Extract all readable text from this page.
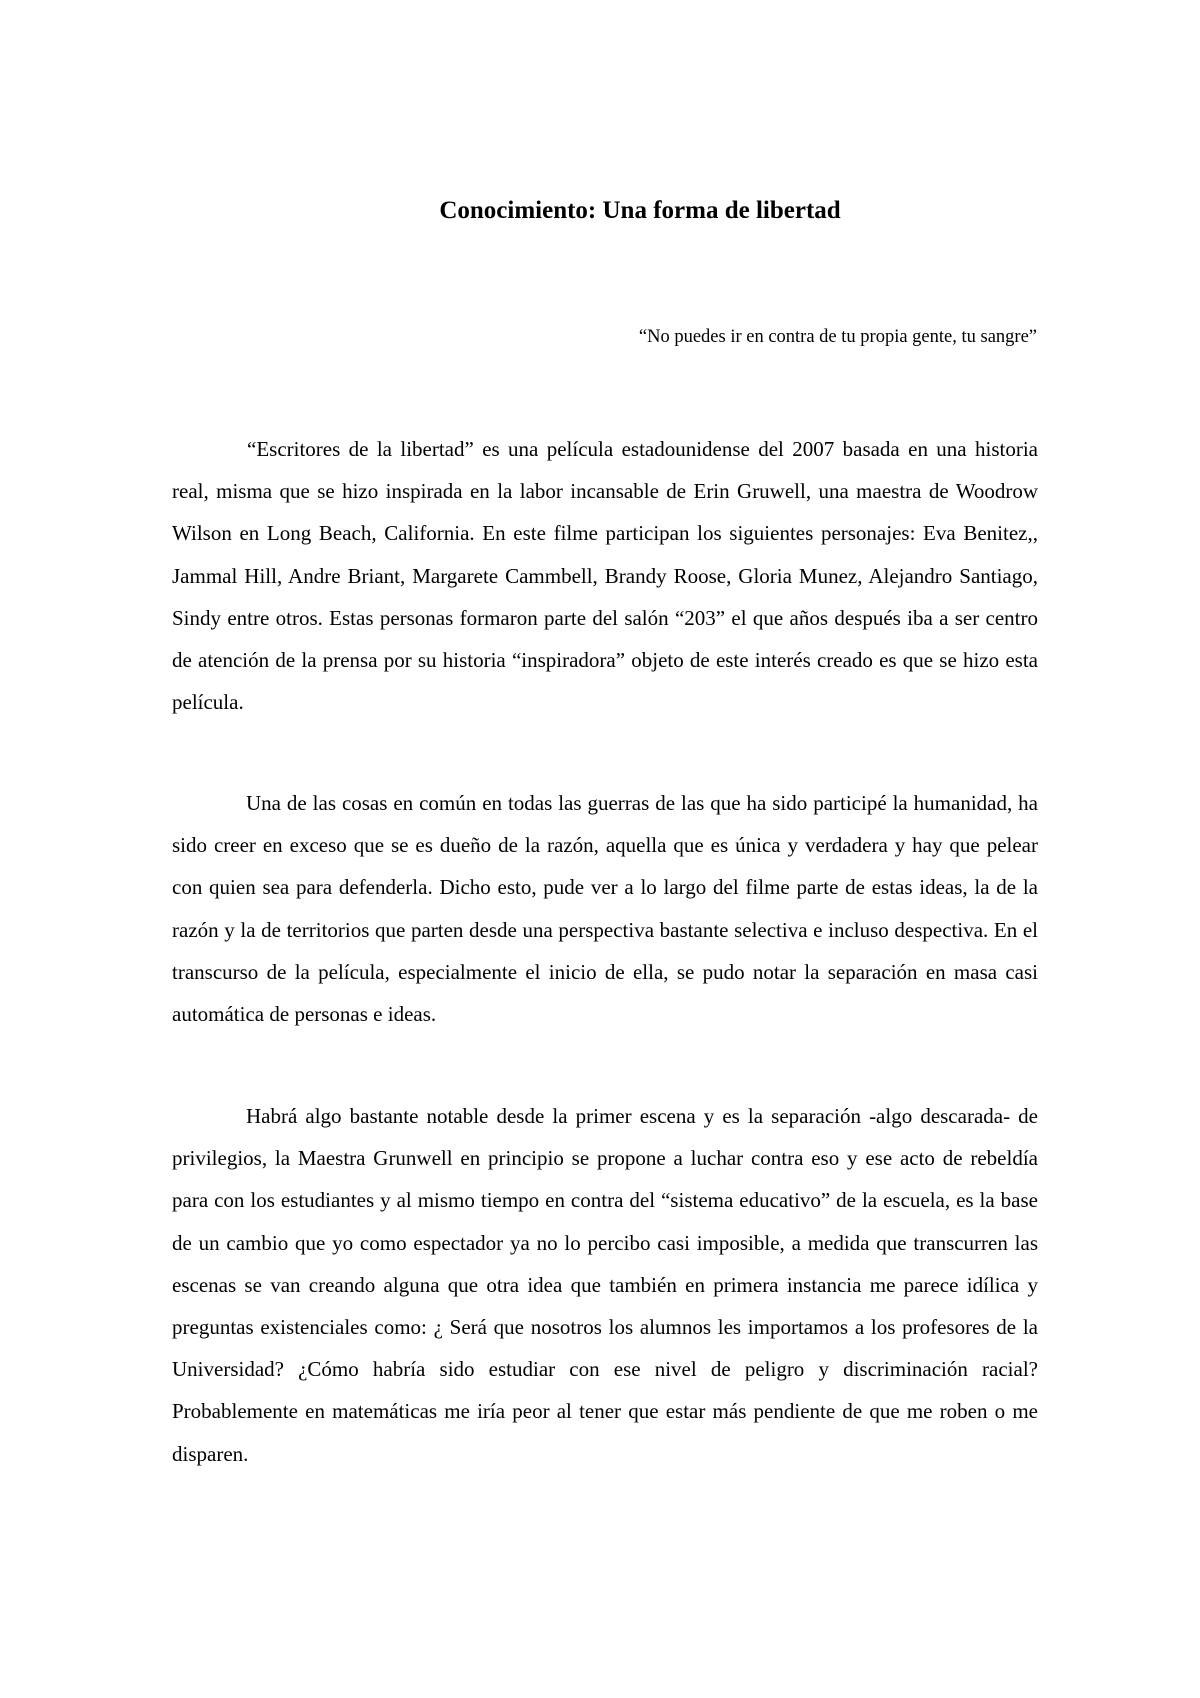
Conocimiento: Una forma de libertad

“No puedes ir en contra de tu propia gente, tu sangre”

“Escritores de la libertad” es una película estadounidense del 2007 basada en una historia real, misma que se hizo inspirada en la labor incansable de Erin Gruwell, una maestra de Woodrow Wilson en Long Beach, California. En este filme participan los siguientes personajes: Eva Benitez,, Jammal Hill, Andre Briant, Margarete Cammbell, Brandy Roose, Gloria Munez, Alejandro Santiago, Sindy entre otros. Estas personas formaron parte del salón “203” el que años después iba a ser centro de atención de la prensa por su historia “inspiradora” objeto de este interés creado es que se hizo esta película.

Una de las cosas en común en todas las guerras de las que ha sido participé la humanidad, ha sido creer en exceso que se es dueño de la razón, aquella que es única y verdadera y hay que pelear con quien sea para defenderla. Dicho esto, pude ver a lo largo del filme parte de estas ideas, la de la razón y la de territorios que parten desde una perspectiva bastante selectiva e incluso despectiva. En el transcurso de la película, especialmente el inicio de ella, se pudo notar la separación en masa casi automática de personas e ideas.

Habrá algo bastante notable desde la primer escena y es la separación -algo descarada- de privilegios, la Maestra Grunwell en principio se propone a luchar contra eso y ese acto de rebeldía para con los estudiantes y al mismo tiempo en contra del “sistema educativo” de la escuela, es la base de un cambio que yo como espectador ya no lo percibo casi imposible, a medida que transcurren las escenas se van creando alguna que otra idea que también en primera instancia me parece idílica y preguntas existenciales como: ¿ Será que nosotros los alumnos les importamos a los profesores de la Universidad? ¿Cómo habría sido estudiar con ese nivel de peligro y discriminación racial? Probablemente en matemáticas me iría peor al tener que estar más pendiente de que me roben o me disparen.
